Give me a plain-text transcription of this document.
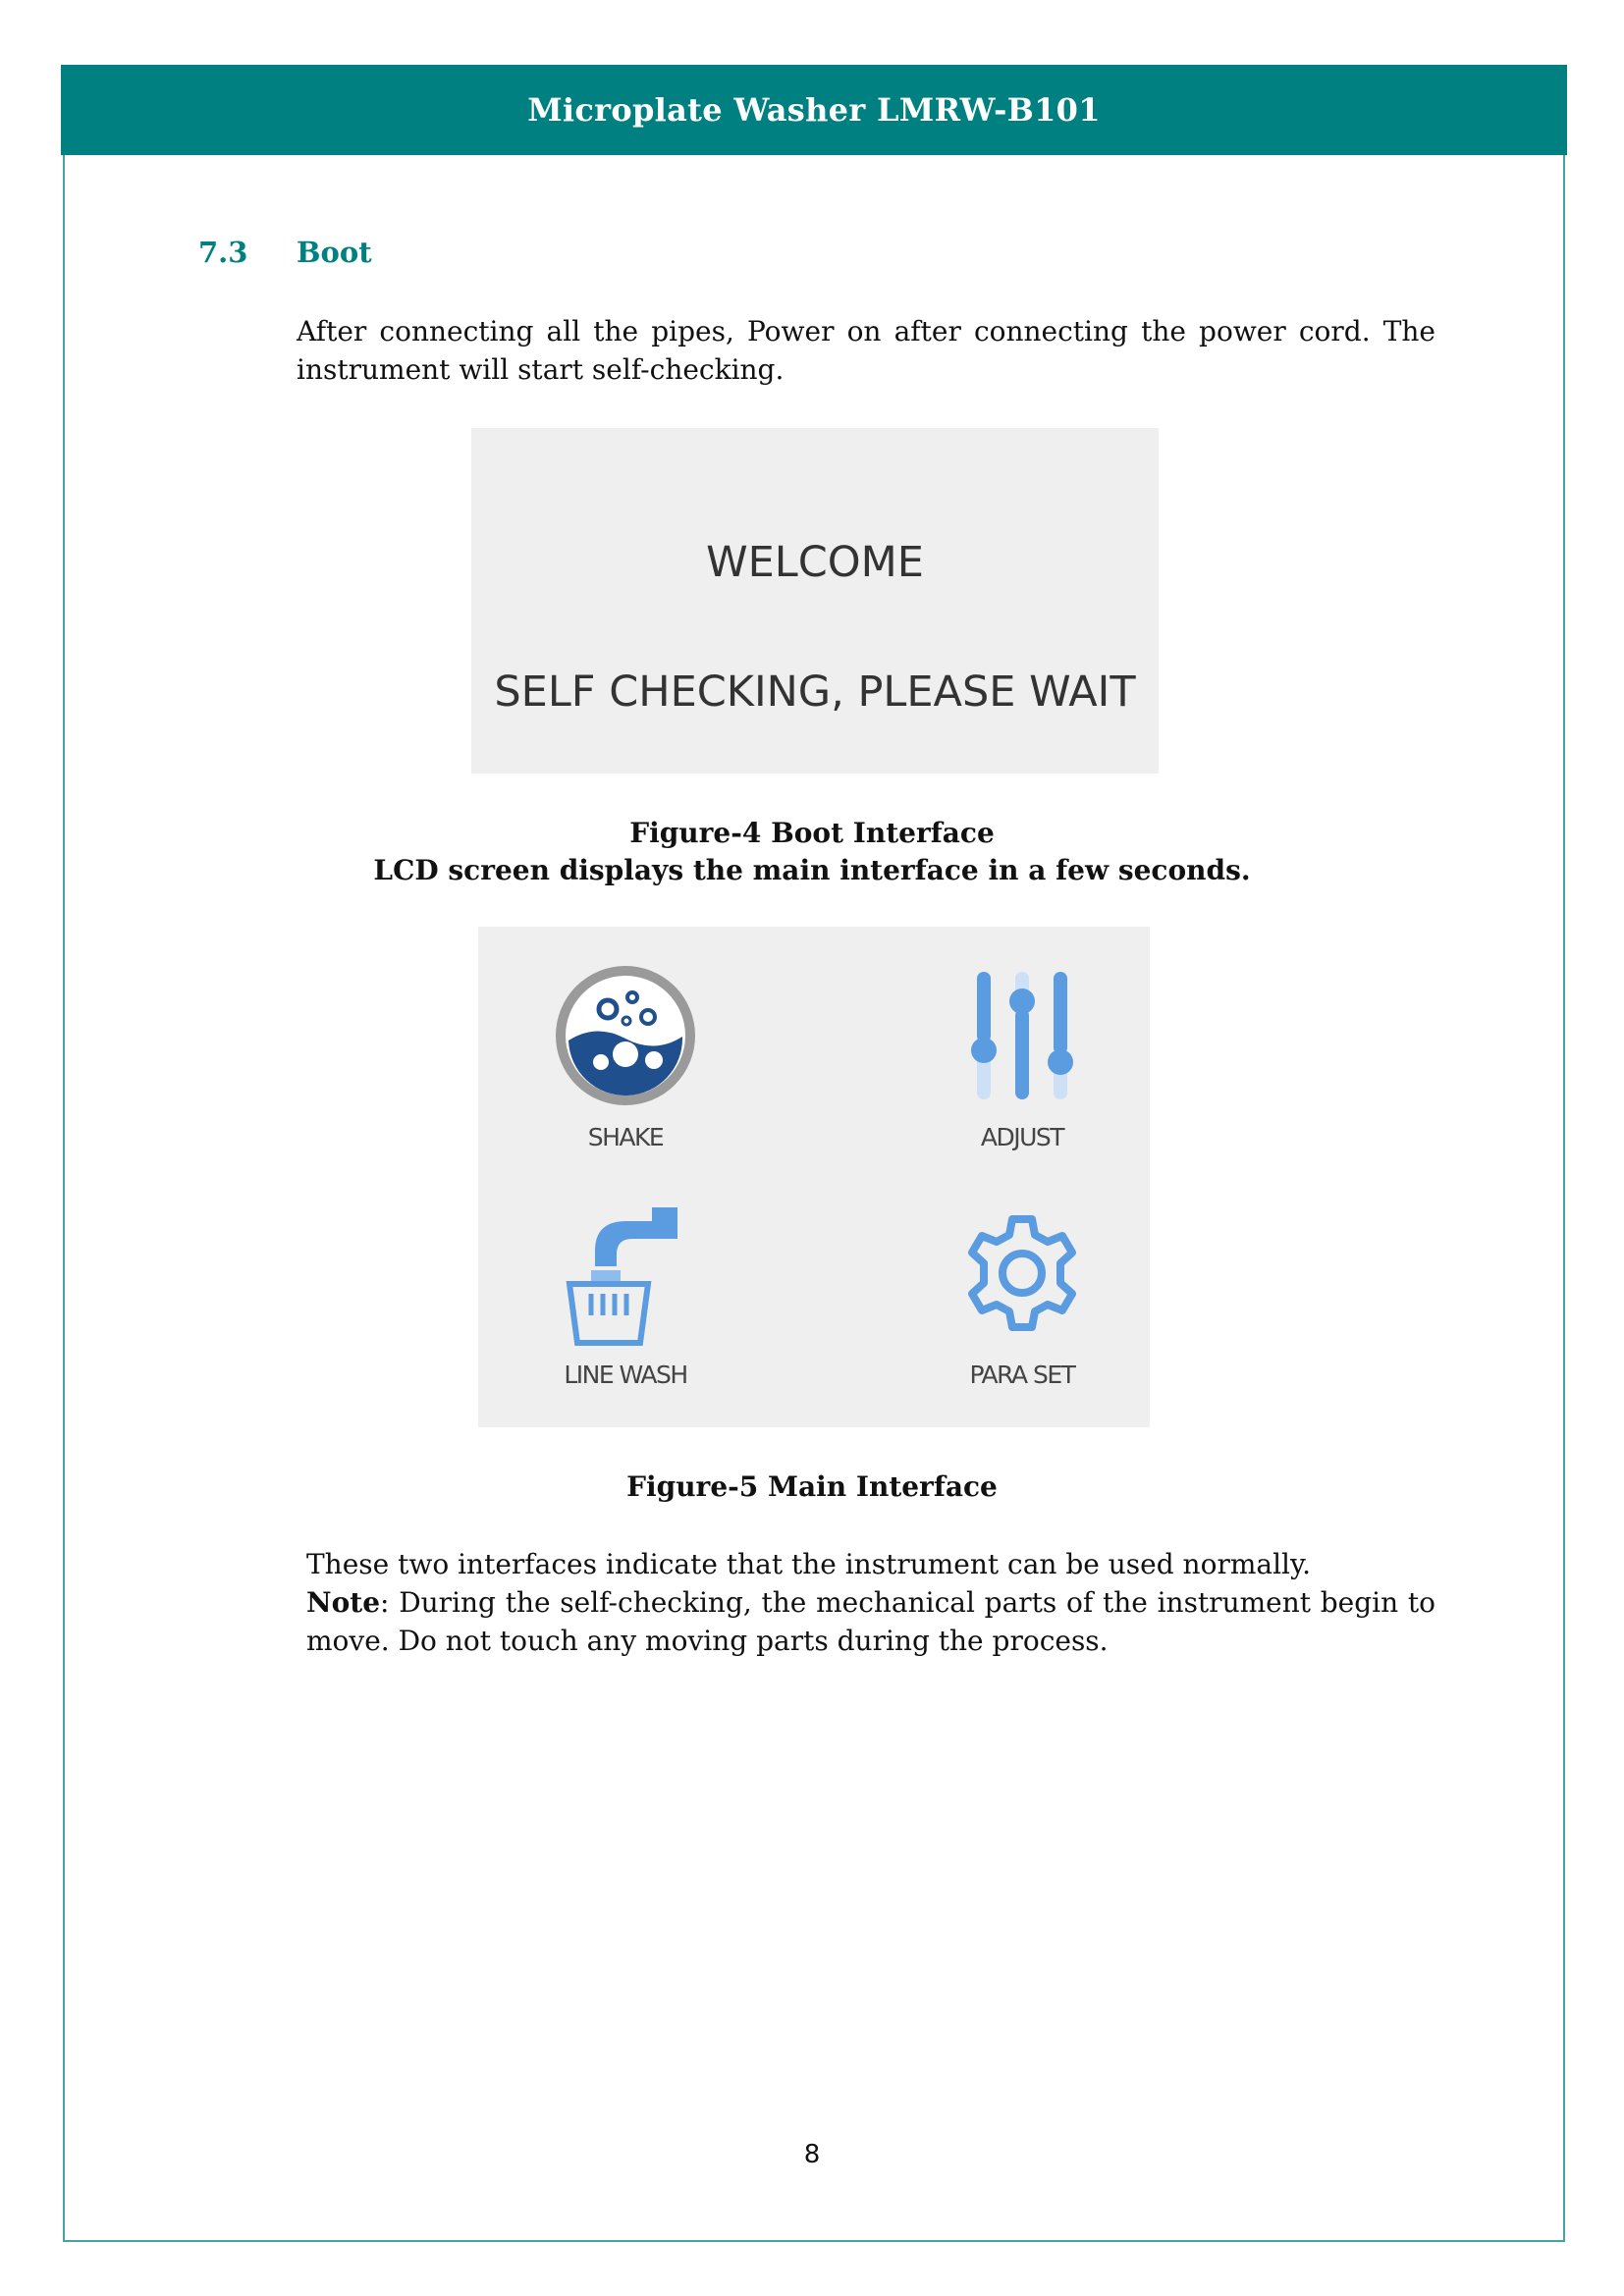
Microplate Washer LMRW-B101
7.3	Boot
After connecting all the pipes, Power on after connecting the power cord. The instrument will start self-checking.
WELCOME
SELF CHECKING, PLEASE WAIT
Figure-4 Boot Interface
LCD screen displays the main interface in a few seconds.
SHAKE	ADJUST
LINE WASH	PARA SET
Figure-5 Main Interface
These two interfaces indicate that the instrument can be used normally.
Note: During the self-checking, the mechanical parts of the instrument begin to move. Do not touch any moving parts during the process.
8
